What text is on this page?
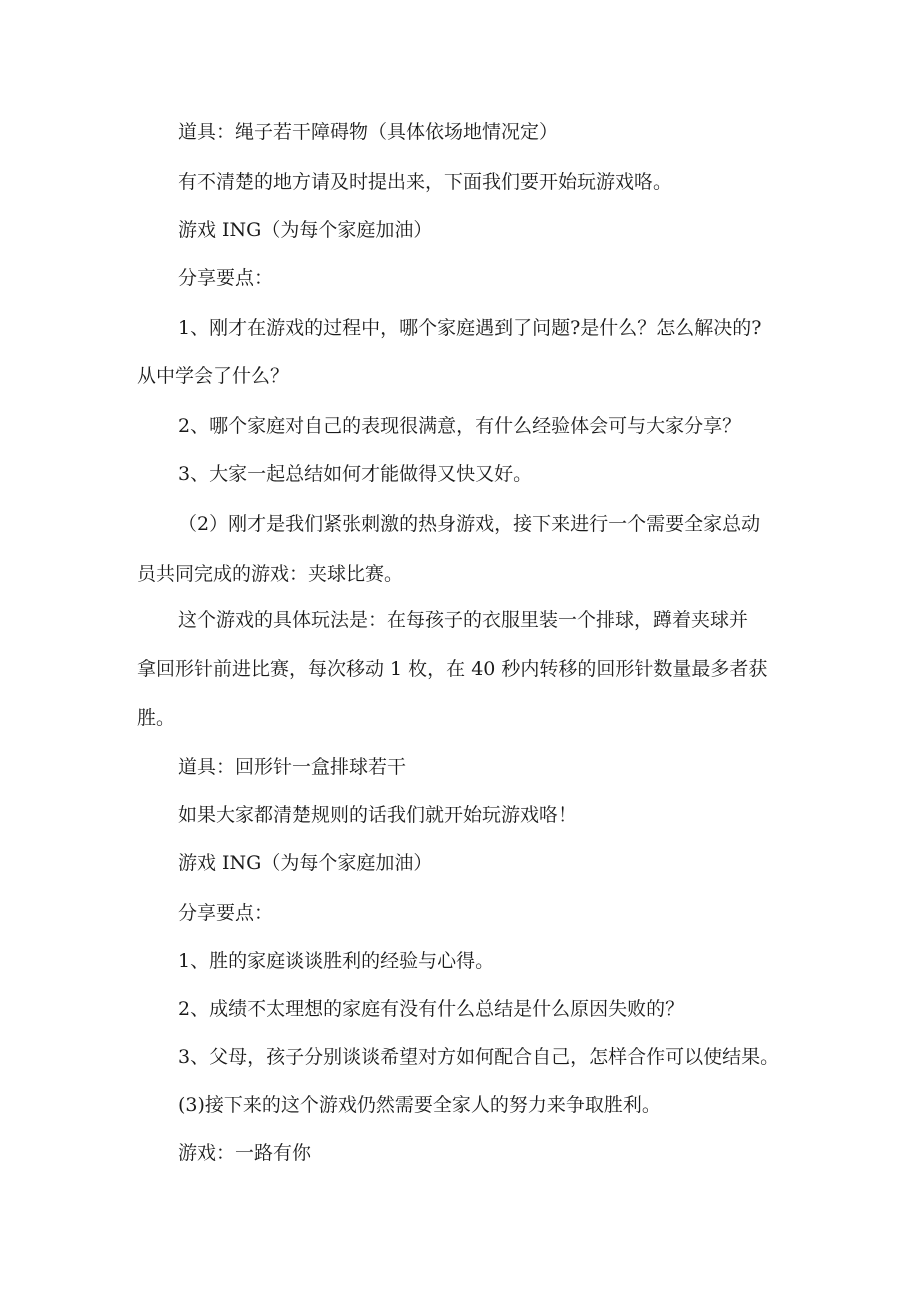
道具：绳子若干障碍物（具体依场地情况定）

有不清楚的地方请及时提出来，下面我们要开始玩游戏咯。

游戏 ING（为每个家庭加油）

分享要点：

1、刚才在游戏的过程中，哪个家庭遇到了问题?是什么？怎么解决的?
从中学会了什么？

2、哪个家庭对自己的表现很满意，有什么经验体会可与大家分享？

3、大家一起总结如何才能做得又快又好。

（2）刚才是我们紧张刺激的热身游戏，接下来进行一个需要全家总动
员共同完成的游戏：夹球比赛。

这个游戏的具体玩法是：在每孩子的衣服里装一个排球，蹲着夹球并
拿回形针前进比赛，每次移动 1 枚，在 40 秒内转移的回形针数量最多者获
胜。

道具：回形针一盒排球若干

如果大家都清楚规则的话我们就开始玩游戏咯！

游戏 ING（为每个家庭加油）

分享要点：

1、胜的家庭谈谈胜利的经验与心得。

2、成绩不太理想的家庭有没有什么总结是什么原因失败的？

3、父母，孩子分别谈谈希望对方如何配合自己，怎样合作可以使结果。

(3)接下来的这个游戏仍然需要全家人的努力来争取胜利。

游戏：一路有你
